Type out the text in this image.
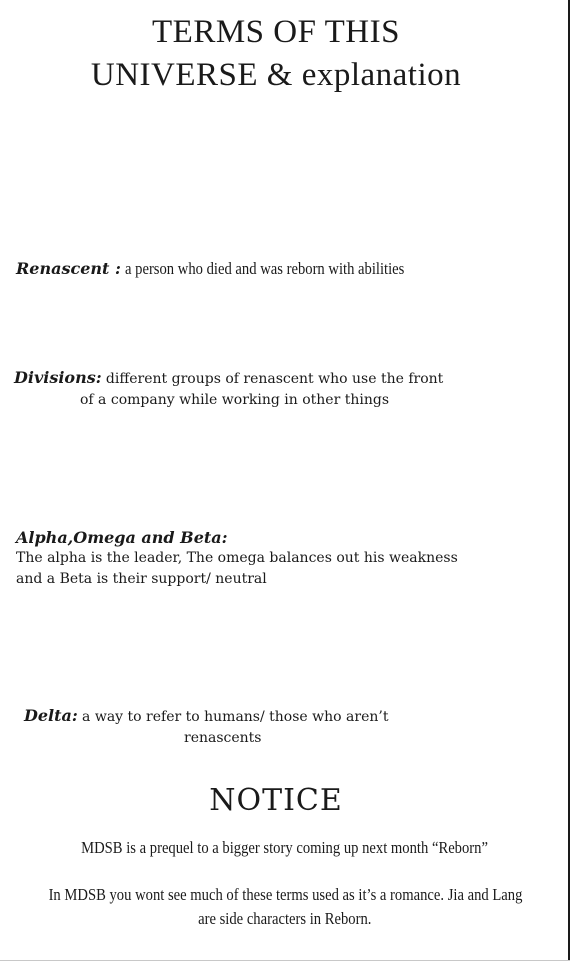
TERMS OF THIS
UNIVERSE & explanation
Renascent : a person who died and was reborn with abilities
Divisions: different groups of renascent who use the front
of a company while working in other things
Alpha,Omega and Beta:
The alpha is the leader, The omega balances out his weakness
and a Beta is their support/ neutral
Delta: a way to refer to humans/ those who aren’t
renascents
NOTICE
MDSB is a prequel to a bigger story coming up next month “Reborn”
In MDSB you wont see much of these terms used as it’s a romance. Jia and Lang
are side characters in Reborn.
